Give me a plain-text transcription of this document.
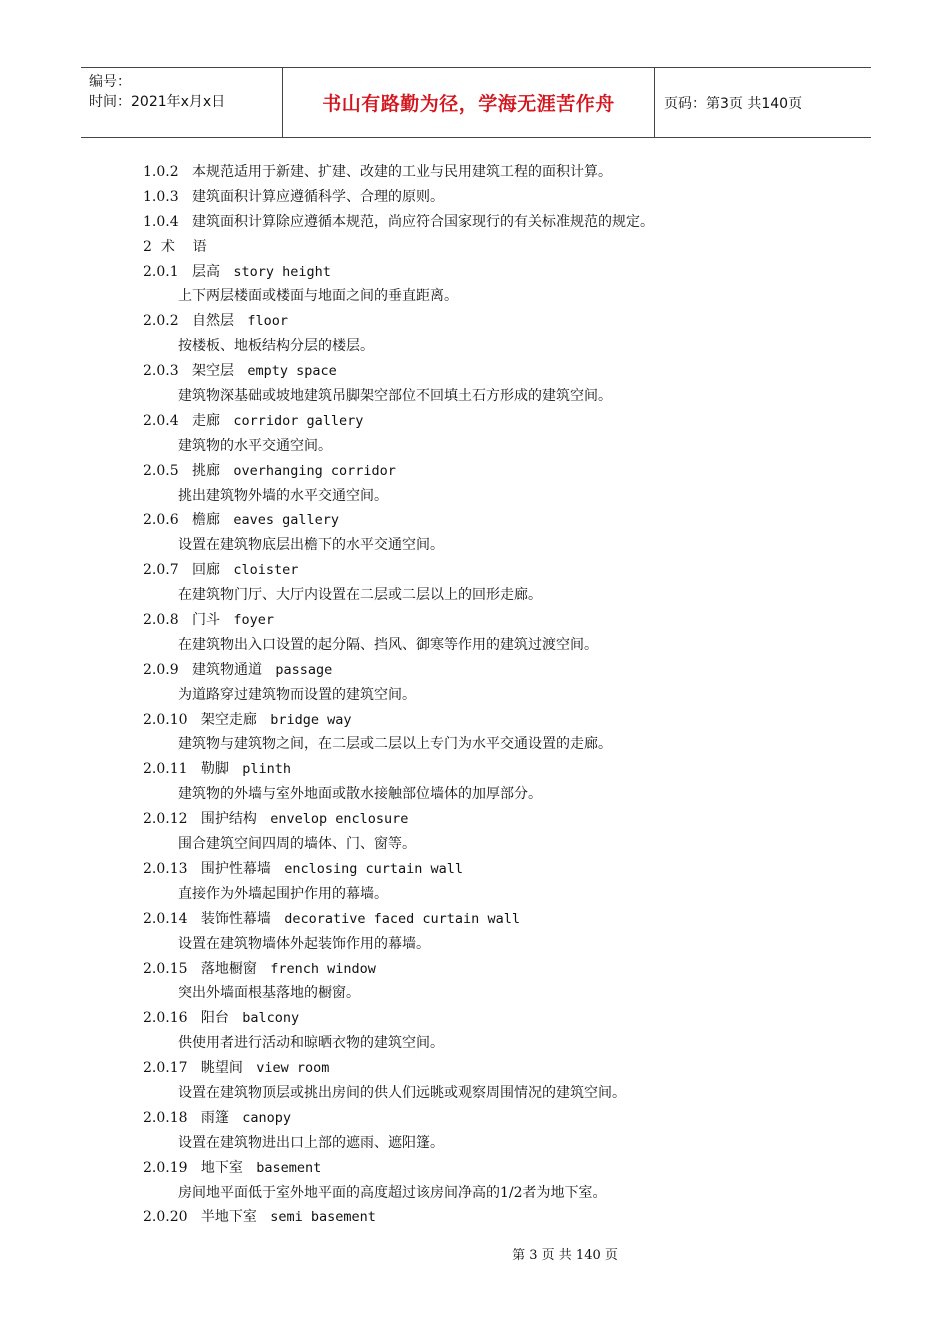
编号：
时间：2021年x月x日	书山有路勤为径，学海无涯苦作舟	页码：第3页 共140页
1.0.2 本规范适用于新建、扩建、改建的工业与民用建筑工程的面积计算。
1.0.3 建筑面积计算应遵循科学、合理的原则。
1.0.4 建筑面积计算除应遵循本规范，尚应符合国家现行的有关标准规范的规定。
2 术    语
2.0.1 层高 story height
上下两层楼面或楼面与地面之间的垂直距离。
2.0.2 自然层 floor
按楼板、地板结构分层的楼层。
2.0.3 架空层 empty space
建筑物深基础或坡地建筑吊脚架空部位不回填土石方形成的建筑空间。
2.0.4 走廊 corridor gallery
建筑物的水平交通空间。
2.0.5 挑廊 overhanging corridor
挑出建筑物外墙的水平交通空间。
2.0.6 檐廊 eaves gallery
设置在建筑物底层出檐下的水平交通空间。
2.0.7 回廊 cloister
在建筑物门厅、大厅内设置在二层或二层以上的回形走廊。
2.0.8 门斗 foyer
在建筑物出入口设置的起分隔、挡风、御寒等作用的建筑过渡空间。
2.0.9 建筑物通道 passage
为道路穿过建筑物而设置的建筑空间。
2.0.10 架空走廊 bridge way
建筑物与建筑物之间，在二层或二层以上专门为水平交通设置的走廊。
2.0.11 勒脚 plinth
建筑物的外墙与室外地面或散水接触部位墙体的加厚部分。
2.0.12 围护结构 envelop enclosure
围合建筑空间四周的墙体、门、窗等。
2.0.13 围护性幕墙 enclosing curtain wall
直接作为外墙起围护作用的幕墙。
2.0.14 装饰性幕墙 decorative faced curtain wall
设置在建筑物墙体外起装饰作用的幕墙。
2.0.15 落地橱窗 french window
突出外墙面根基落地的橱窗。
2.0.16 阳台 balcony
供使用者进行活动和晾晒衣物的建筑空间。
2.0.17 眺望间 view room
设置在建筑物顶层或挑出房间的供人们远眺或观察周围情况的建筑空间。
2.0.18 雨篷 canopy
设置在建筑物进出口上部的遮雨、遮阳篷。
2.0.19 地下室 basement
房间地平面低于室外地平面的高度超过该房间净高的1/2者为地下室。
2.0.20 半地下室 semi basement
第 3 页 共 140 页
